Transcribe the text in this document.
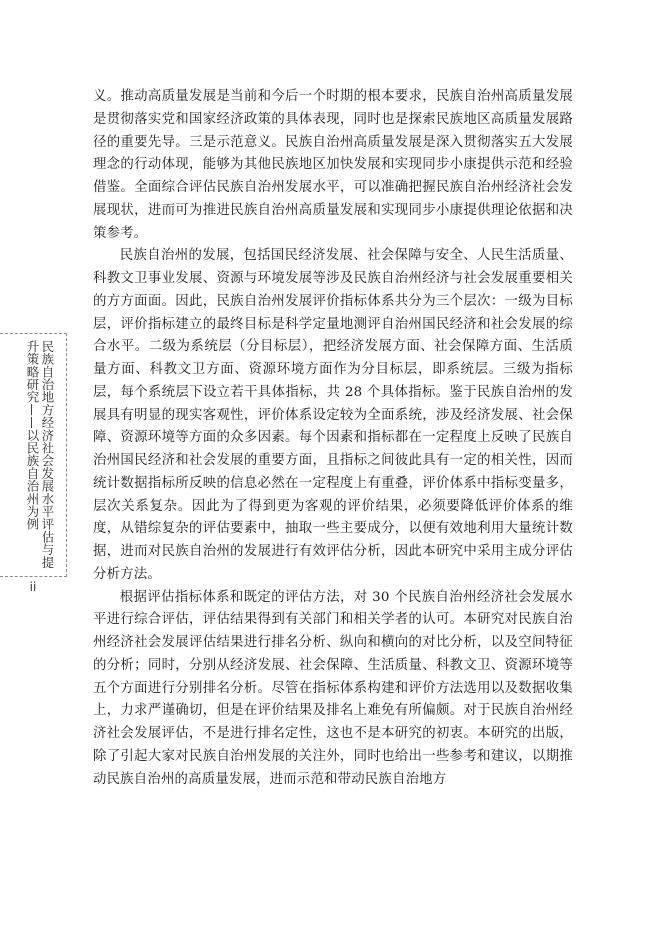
民族自治地方经济社会发展水平评估与提升策略研究——以民族自治州为例
ii

义。推动高质量发展是当前和今后一个时期的根本要求，民族自治州高质量发展是贯彻落实党和国家经济政策的具体表现，同时也是探索民族地区高质量发展路径的重要先导。三是示范意义。民族自治州高质量发展是深入贯彻落实五大发展理念的行动体现，能够为其他民族地区加快发展和实现同步小康提供示范和经验借鉴。全面综合评估民族自治州发展水平，可以准确把握民族自治州经济社会发展现状，进而可为推进民族自治州高质量发展和实现同步小康提供理论依据和决策参考。

民族自治州的发展，包括国民经济发展、社会保障与安全、人民生活质量、科教文卫事业发展、资源与环境发展等涉及民族自治州经济与社会发展重要相关的方方面面。因此，民族自治州发展评价指标体系共分为三个层次：一级为目标层，评价指标建立的最终目标是科学定量地测评自治州国民经济和社会发展的综合水平。二级为系统层（分目标层），把经济发展方面、社会保障方面、生活质量方面、科教文卫方面、资源环境方面作为分目标层，即系统层。三级为指标层，每个系统层下设立若干具体指标，共 28 个具体指标。鉴于民族自治州的发展具有明显的现实客观性，评价体系设定较为全面系统，涉及经济发展、社会保障、资源环境等方面的众多因素。每个因素和指标都在一定程度上反映了民族自治州国民经济和社会发展的重要方面，且指标之间彼此具有一定的相关性，因而统计数据指标所反映的信息必然在一定程度上有重叠，评价体系中指标变量多，层次关系复杂。因此为了得到更为客观的评价结果，必须要降低评价体系的维度，从错综复杂的评估要素中，抽取一些主要成分，以便有效地利用大量统计数据，进而对民族自治州的发展进行有效评估分析，因此本研究中采用主成分评估分析方法。

根据评估指标体系和既定的评估方法，对 30 个民族自治州经济社会发展水平进行综合评估，评估结果得到有关部门和相关学者的认可。本研究对民族自治州经济社会发展评估结果进行排名分析、纵向和横向的对比分析，以及空间特征的分析；同时，分别从经济发展、社会保障、生活质量、科教文卫、资源环境等五个方面进行分别排名分析。尽管在指标体系构建和评价方法选用以及数据收集上，力求严谨确切，但是在评价结果及排名上难免有所偏颇。对于民族自治州经济社会发展评估，不是进行排名定性，这也不是本研究的初衷。本研究的出版，除了引起大家对民族自治州发展的关注外，同时也给出一些参考和建议，以期推动民族自治州的高质量发展，进而示范和带动民族自治地方
